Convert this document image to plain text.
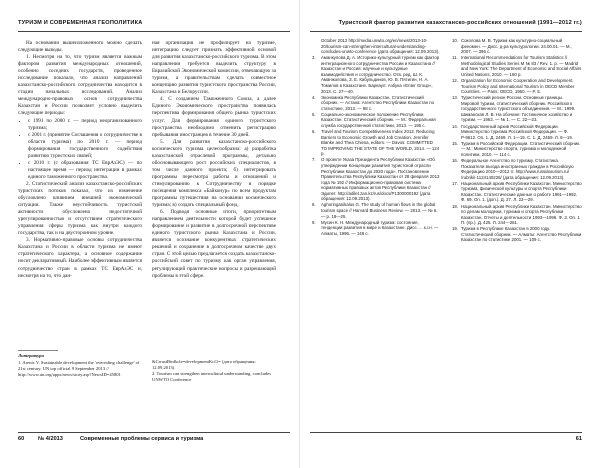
ТУРИЗМ И СОВРЕМЕННАЯ ГЕОПОЛИТИКА

На основании вышеизложенного можно сделать следующие выводы.

1. Несмотря на то, что туризм является важным фактором развития международных отношений, особенно соседних государств, проведенное исследование показало, что анализ направлений казахстанско-российского сотрудничества находится в стадии начальных исследований. Анализ международно-правовых основ сотрудничества Казахстан и России позволяет условно выделить следующие периоды:

• с 1991 по 2000 г. — период неорганизованного туризма;
• с 2001 г. (принятие Соглашения о сотрудничестве в области туризма) по 2010 г. — период формирования государственного содействия развитию туристских связей;
• с 2010 г. (с образования ТС ЕврАзЭС) — по настоящее время — период интеграции в рамках единого таможенного пространства.

2. Статистический анализ казахстанско-российских туристских потоков показал, что их изменение обусловлено влиянием внешней экономической ситуации. Также неустойчивость туристской активности обусловлена недостаточной урегулированностью и отсутствием стратегического управления сферы туризма как внутри каждого государства, так и на двусторонном уровне.

3. Нормативно-правовые основы сотрудничества Казахстана и России в области туризма не имеют стратегического характера, а основное содержание носит декларативный. Наиболее эффективным является сотрудничество стран в рамках ТС ЕврАзЭС и, несмотря на то, что дан-

ная организация не профилирует на туризме, интеграцию следует признать эффективной основой для развития казахстанско-российского туризма. В этом направлении требуется выделить структуру в Евразийской Экономической комиссии, отвечающую за туризм, а правительствам сделать совместное концепцию развития туристского пространства России, Казахстана и Белоруссии.

4. С созданием Таможенного Союза, а далее Единого Экономического пространства появилась перспектива формирования общего рынка туристских услуг. Для формирования единого туристского пространства необходимо отменить регистрацию пребывания иностранцев в течение 30 дней.

5. Для развития казахстанско-российского космического туризма целесообразна: а) разработка казахстанской отраслевой программы, детально обосновывающего рост российских специалистов, в том числе данного проекта; б) интегрировать программы пересмотра работы и отношений и стимулированию к Сотрудничеству в порядке посещения комплекса «Байконур» по всем продуктам программы путешествия на основании космического туризма; в) создать специальный фонд.

6. Подводя основные итоги, приоритетным направлением деятельности которой будет успешное формирование и развитие в долгосрочной перспективе единого туристского рынка Казахстана и России, является осознание конкурентных стратегических решений и сохранение в долгосрочном качестве двух стран. С этой целью предлагается создать казахстанско-российский совет по туризму как орган управления, регулирующий практические вопросы и разрешающий проблемы в этой сфере.

Литература
1. Arenic V. Sustainable development the 'overriding challenge' of 21st century. UN top official 9 September 2013 // http://www.un.org/apps/news/story.asp?NewsID=45801
&CrrustBtn&cle=developmentKcf1= (дата обращения: 12.09.2013).
2. Tourism can strengthen intercultural understanding, concludes UNWTO Conference
60 № 4/2013	Современные проблемы сервиса и туризма
Туристский фактор развития казахстанско-российских отношений (1991—2012 гг.)
October 2012 http://media.unwto.org/en/news/2013-10-20/tourism-can-strengthen-intercultural-understanding-concludes-unwto-conference (дата обращения: 12.09.2013).
3.	Аманкулова Д. А. Историко-культурный туризм как фактор интеграционного сотрудничества России и Казахстана // Казахстан и Россия: научные и культурные взаимодействия и сотрудничество. Отв. ред. Ш. К. Аманжолова, З. Е. Кабульдинов, Ю. В. Пятигин, Н. А. Томилов в Казахстане. Барнаул: Азбука «Enter Group», 2013. С. 27—40.
4.	Экономика Республики Казахстан. Статистический сборник. — Астана: Агентство Республики Казахстан по статистике, 2013. — 98 с.
5.	Социально-экономическое положение Республики Казахстан. Статистический сборник. — М.: Федеральная служба государственной статистики, 2013. — 196 с.
6.	Travel and Tourism Competitiveness Index 2013. Reducing Barriers to Economic Growth and Job Creation. Jennifer Blanke and Thea Chiesa, editors. — Davos: COMMITTED TO IMPROVING THE STATE OF THE WORLD, 2014. — 124 p.
7.	О проекте Указа Президента Республики Казахстан «Об утверждении Концепции развития туристской отрасли Республики Казахстан до 2020 года». Постановление Правительства Республики Казахстан от 28 февраля 2013 года № 192 // Информационно-правовая система нормативных правовых актов Республики Казахстан // Эдилет. http://adilet.zan.kz/rus/docs/P1300000192 (дата обращения: 12.09.2013).
8.	Aghoringanikalus G. The study of human flows in the global tourism space // Harvard Business Review. — 2013. — № 6. — p. 18—25.
9.	Мусин К. Н. Международный туризм: состояние, тенденции развития в мире и Казахстане. Дисс. ... к.г.н. — Алматы, 1996. — 148 с.
10. Соколова М. В. Туризм как культурно-социальный феномен. — Дисс. д-ра культурологии. 24.00.01. — М., 2007. — 396 с.
11. International Recommendations for Tourism Statistics // Methodological Studies Series M № 83 / Rev. 1. p. — Madrid and New York: The Department of Economic and Social Affairs United Nations, 2010. — 160 p.
12. Organization for Economic Cooperation and Development. Tourism Policy and International Tourism in OECD Member Countries. — Paris: OECD, 1960. — P. 5.
13. Туристический регион России. Основные границы. Мировой туризм, статистический сборник. Российского государственного туристского объединения. — М.: 1999. Шиманская Л. В. На обочине: Гостиничное хозяйство и туризм. — 1963. — № 1. — С. 22—23.
14. Государственный архив Российской Федерации. Министерство туризма Российской Федерации. — Ф. Р-9612. Оп. 1. Д. 2469. Л. 1—19. С. 1. Д. 2469. Л. 8—19.
15. Туризм в Российской Федерации. Статистический сборник. — М.: Министерство спорта, туризма и молодежной политики, 2010. — 114 с.
16. Федеральное Агентство по туризму. Статистика. Показатели въезда иностранных граждан в Российскую Федерацию 2010—2012 гг. http://www.russiatourism.ru/ /rubriki/-1124140226/ (дата обращения: 12.09.2013).
17. Национальный архив Республики Казахстан. Министерство туризма, физической культуры и спорта Республики Казахстан. Статистические данные о работе 1991—1992. Ф. 69. Оп. 1. (доп.). Д. 27. Л. 22—29.
18. Национальный архив Республики Казахстан. Министерство по делам молодежи, туризма и спорта Республики Казахстан. Отчеты и деятельности 1993—1996. Ф. 3. Оп. 1 П. (пр.). Д. 425. Л. 244—261.
19. Туризм в Республике Казахстан в 2000 году. Статистический сборник. — Алматы: Агентство Республики Казахстан по статистике 2001. — 109 с.
61
